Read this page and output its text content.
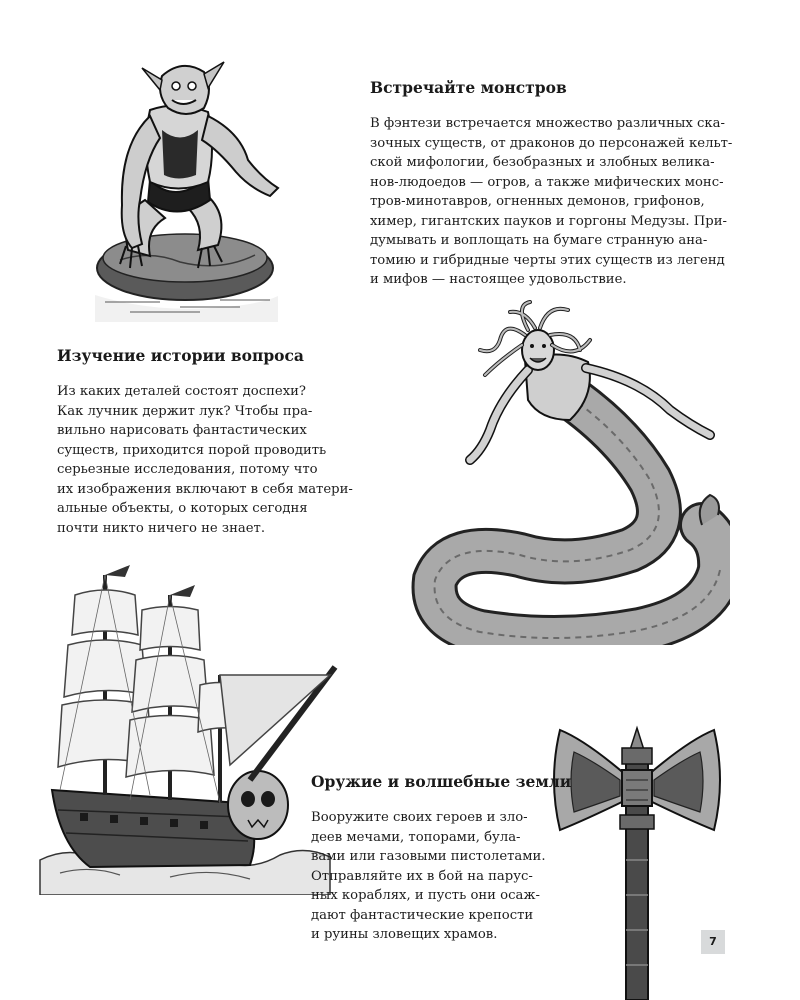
Встречайте монстров
В фэнтези встречается множество различных ска-
зочных существ, от драконов до персонажей кельт-
ской мифологии, безобразных и злобных велика-
нов-людоедов — огров, а также мифических монс-
тров-минотавров, огненных демонов, грифонов,
химер, гигантских пауков и горгоны Медузы. При-
думывать и воплощать на бумаге странную ана-
томию и гибридные черты этих существ из легенд
и мифов — настоящее удовольствие.
Изучение истории вопроса
Из каких деталей состоят доспехи?
Как лучник держит лук? Чтобы пра-
вильно нарисовать фантастических
существ, приходится порой проводить
серьезные исследования, потому что
их изображения включают в себя матери-
альные объекты, о которых сегодня
почти никто ничего не знает.
Оружие и волшебные земли
Вооружите своих героев и зло-
деев мечами, топорами, була-
вами или газовыми пистолетами.
Отправляйте их в бой на парус-
ных кораблях, и пусть они осаж-
дают фантастические крепости
и руины зловещих храмов.	7
